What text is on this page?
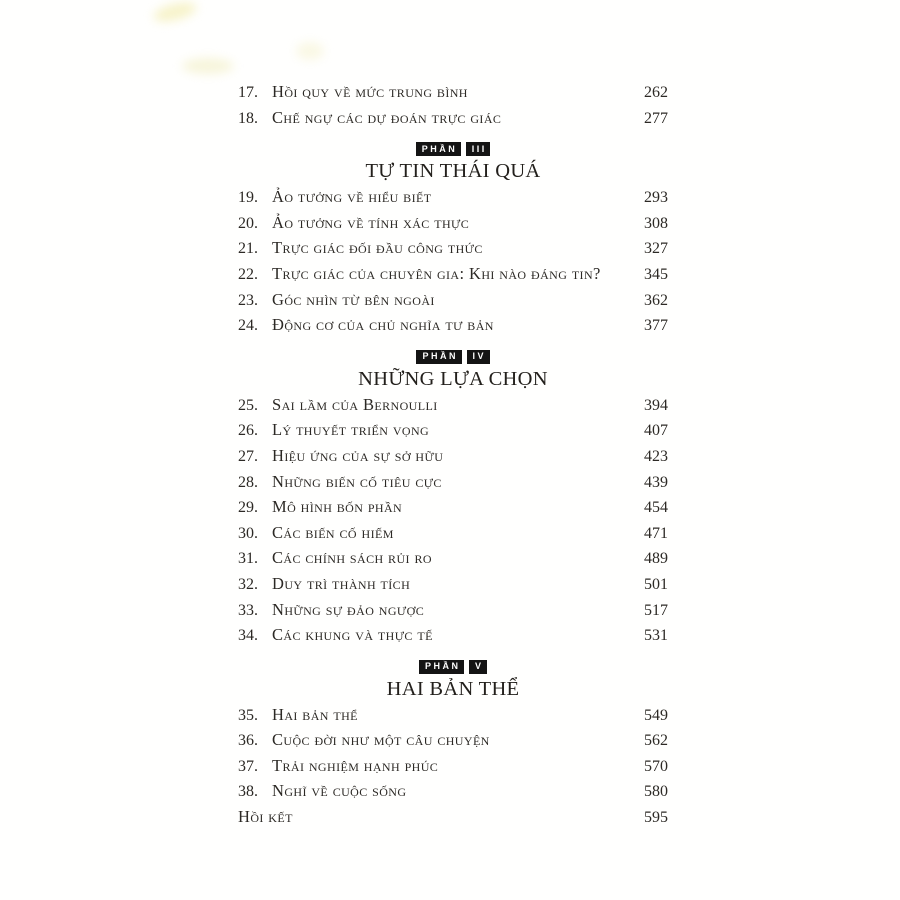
17. Hồi quy về mức trung bình	262
18. Chế ngự các dự đoán trực giác	277
PHẦN	III
TỰ TIN THÁI QUÁ
19. Ảo tưởng về hiểu biết	293
20. Ảo tưởng về tính xác thực	308
21. Trực giác đối đầu công thức	327
22. Trực giác của chuyên gia: Khi nào đáng tin?	345
23. Góc nhìn từ bên ngoài	362
24. Động cơ của chủ nghĩa tư bản	377
PHẦN	IV
NHỮNG LỰA CHỌN
25. Sai lầm của Bernoulli	394
26. Lý thuyết triển vọng	407
27. Hiệu ứng của sự sở hữu	423
28. Những biến cố tiêu cực	439
29. Mô hình bốn phần	454
30. Các biến cố hiếm	471
31. Các chính sách rủi ro	489
32. Duy trì thành tích	501
33. Những sự đảo ngược	517
34. Các khung và thực tế	531
PHẦN	V
HAI BẢN THỂ
35. Hai bản thể	549
36. Cuộc đời như một câu chuyện	562
37. Trải nghiệm hạnh phúc	570
38. Nghĩ về cuộc sống	580
Hồi kết	595
